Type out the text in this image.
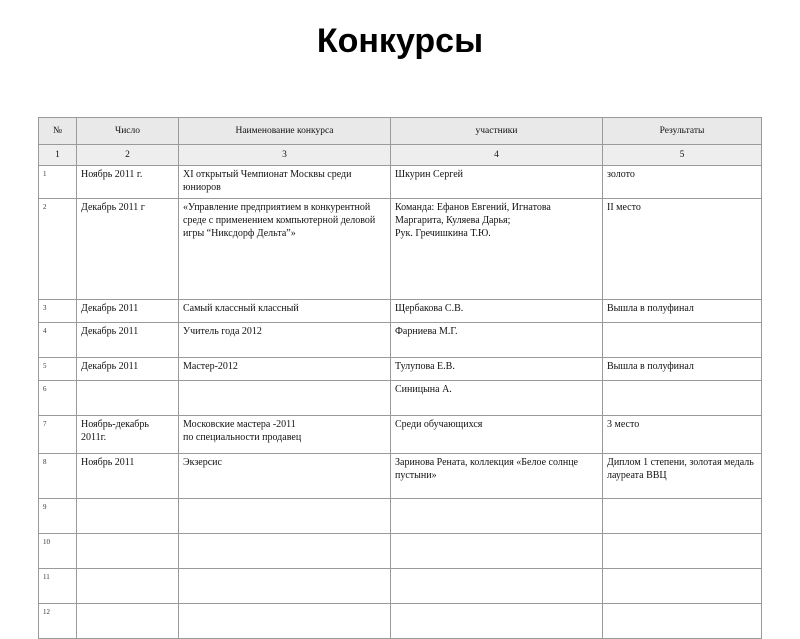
Конкурсы
№	Число	Наименование конкурса	участники	Результаты
1	2	3	4	5
1	Ноябрь 2011 г.	XI открытый Чемпионат Москвы среди юниоров	Шкурин Сергей	золото
2	Декабрь 2011 г	«Управление предприятием в конкурентной среде с применением компьютерной деловой игры “Никсдорф Дельта”»	Команда: Ефанов Евгений, Игнатова Маргарита, Куляева Дарья;
Рук. Гречишкина Т.Ю.	II место
3	Декабрь 2011	Самый классный классный	Щербакова С.В.	Вышла в полуфинал
4	Декабрь 2011	Учитель года 2012	Фарниева М.Г.	
5	Декабрь 2011	Мастер-2012	Тулупова Е.В.	Вышла в полуфинал
6			Синицына А.	
7	Ноябрь-декабрь 2011г.	Московские мастера -2011
по специальности продавец	Среди обучающихся	3 место
8	Ноябрь 2011	Экзерсис	Заринова Рената, коллекция «Белое солнце пустыни»	Диплом 1 степени, золотая медаль лауреата ВВЦ
9				
10				
11				
12				
